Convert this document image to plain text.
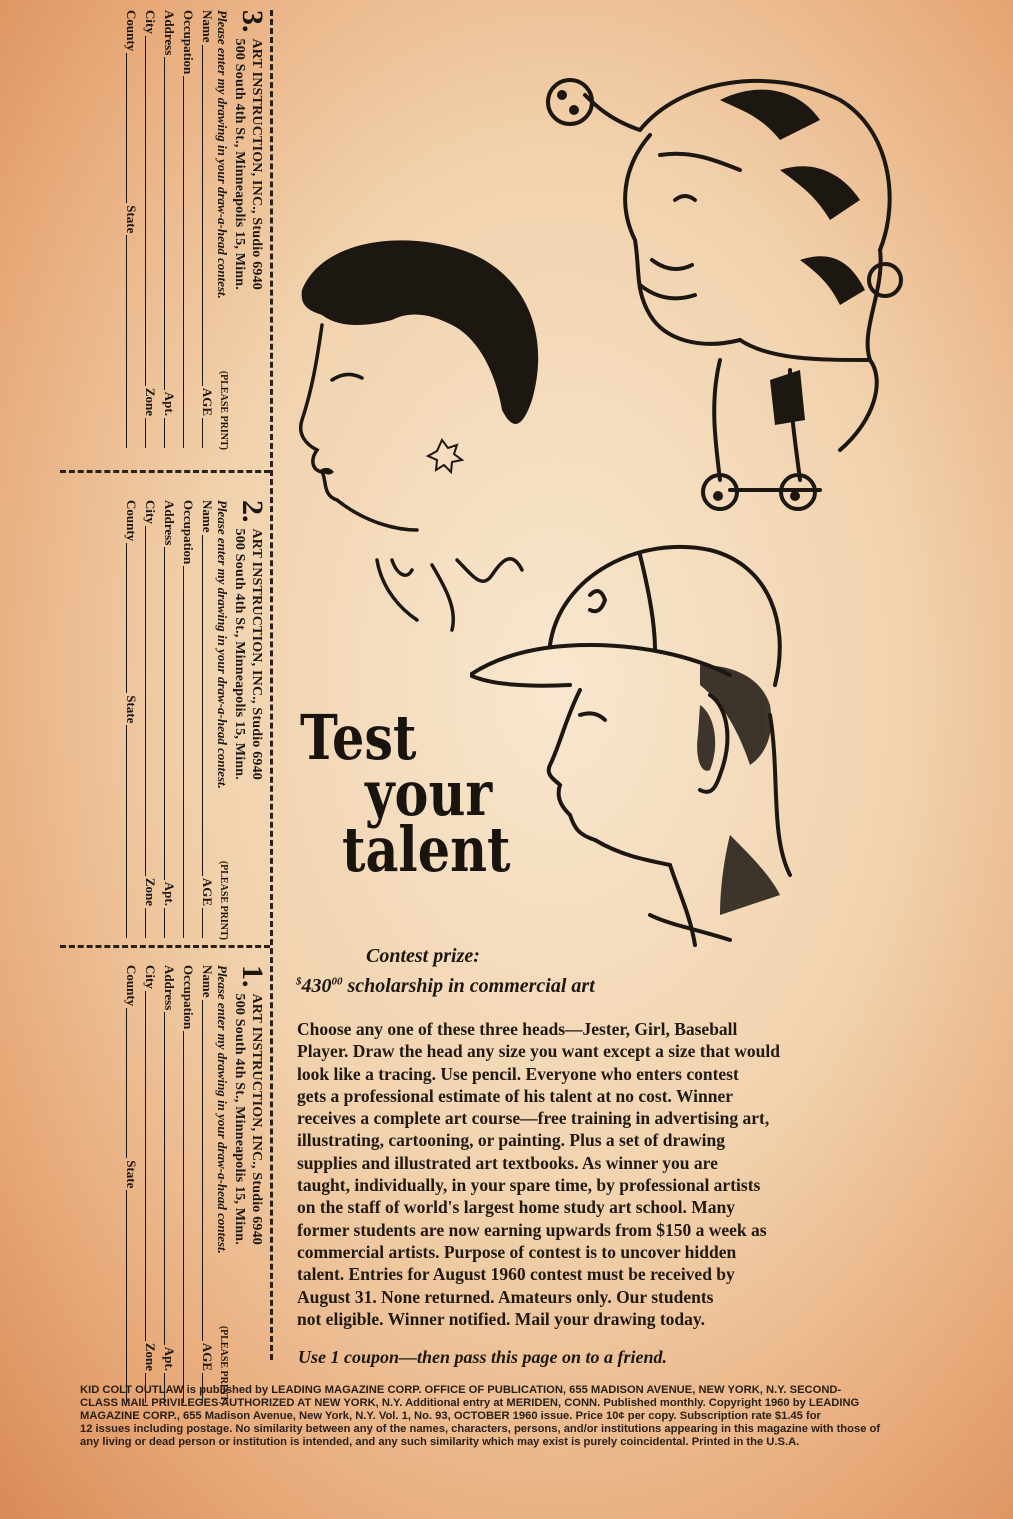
3.
ART INSTRUCTION, INC., Studio 6940
500 South 4th St., Minneapolis 15, Minn.
Please enter my drawing in your draw-a-head contest.
(PLEASE PRINT)
Name
AGE
Occupation
Address
Apt.
City
Zone
County
State
2.
ART INSTRUCTION, INC., Studio 6940
500 South 4th St., Minneapolis 15, Minn.
Please enter my drawing in your draw-a-head contest.
(PLEASE PRINT)
Name
AGE
Occupation
Address
Apt.
City
Zone
County
State
1.
ART INSTRUCTION, INC., Studio 6940
500 South 4th St., Minneapolis 15, Minn.
Please enter my drawing in your draw-a-head contest.
(PLEASE PRINT)
Name
AGE
Occupation
Address
Apt.
City
Zone
County
State
Test
your
talent
Contest prize:
$^{\$}430^{00}$ scholarship in commercial art
Choose any one of these three heads—Jester, Girl, Baseball
Player. Draw the head any size you want except a size that would
look like a tracing. Use pencil. Everyone who enters contest
gets a professional estimate of his talent at no cost. Winner
receives a complete art course—free training in advertising art,
illustrating, cartooning, or painting. Plus a set of drawing
supplies and illustrated art textbooks. As winner you are
taught, individually, in your spare time, by professional artists
on the staff of world's largest home study art school. Many
former students are now earning upwards from $150 a week as
commercial artists. Purpose of contest is to uncover hidden
talent. Entries for August 1960 contest must be received by
August 31. None returned. Amateurs only. Our students
not eligible. Winner notified. Mail your drawing today.
Use 1 coupon—then pass this page on to a friend.
KID COLT OUTLAW is published by LEADING MAGAZINE CORP. OFFICE OF PUBLICATION, 655 MADISON AVENUE, NEW YORK, N.Y. SECOND-
CLASS MAIL PRIVILEGES AUTHORIZED AT NEW YORK, N.Y. Additional entry at MERIDEN, CONN. Published monthly. Copyright 1960 by LEADING
MAGAZINE CORP., 655 Madison Avenue, New York, N.Y. Vol. 1, No. 93, OCTOBER 1960 issue. Price 10¢ per copy. Subscription rate $1.45 for
12 issues including postage. No similarity between any of the names, characters, persons, and/or institutions appearing in this magazine with those of
any living or dead person or institution is intended, and any such similarity which may exist is purely coincidental. Printed in the U.S.A.
